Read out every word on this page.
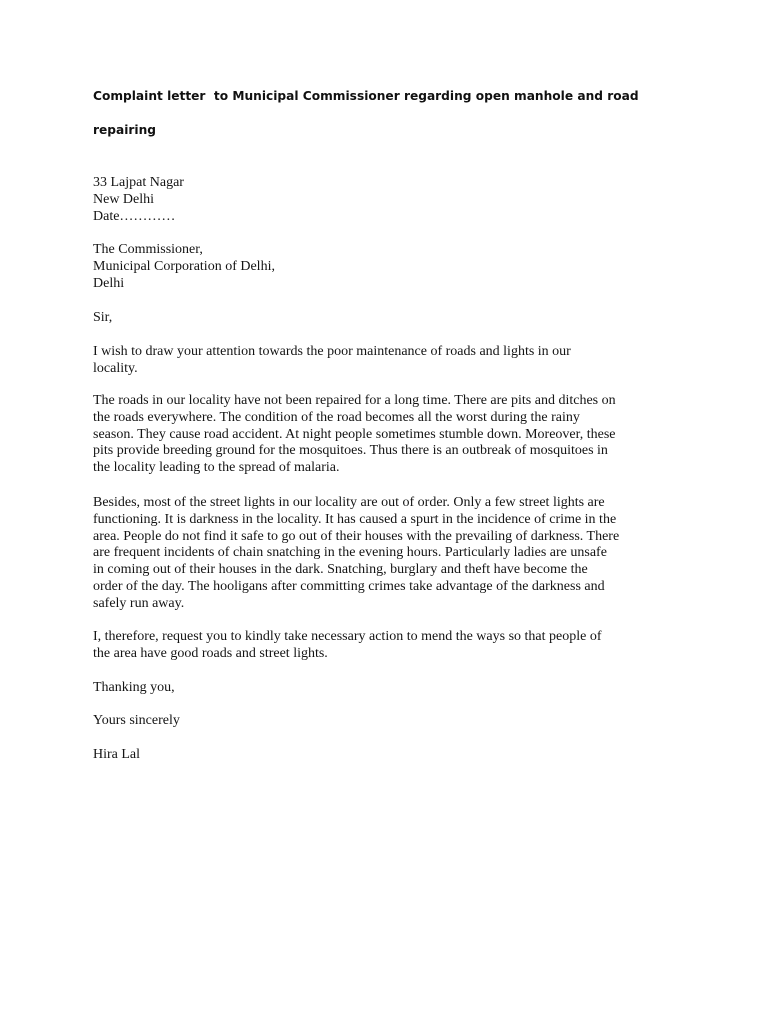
Complaint letter  to Municipal Commissioner regarding open manhole and road
repairing
33 Lajpat Nagar
New Delhi
Date…………
The Commissioner,
Municipal Corporation of Delhi,
Delhi
Sir,
I wish to draw your attention towards the poor maintenance of roads and lights in our
locality.
The roads in our locality have not been repaired for a long time. There are pits and ditches on
the roads everywhere. The condition of the road becomes all the worst during the rainy
season. They cause road accident. At night people sometimes stumble down. Moreover, these
pits provide breeding ground for the mosquitoes. Thus there is an outbreak of mosquitoes in
the locality leading to the spread of malaria.
Besides, most of the street lights in our locality are out of order. Only a few street lights are
functioning. It is darkness in the locality. It has caused a spurt in the incidence of crime in the
area. People do not find it safe to go out of their houses with the prevailing of darkness. There
are frequent incidents of chain snatching in the evening hours. Particularly ladies are unsafe
in coming out of their houses in the dark. Snatching, burglary and theft have become the
order of the day. The hooligans after committing crimes take advantage of the darkness and
safely run away.
I, therefore, request you to kindly take necessary action to mend the ways so that people of
the area have good roads and street lights.
Thanking you,
Yours sincerely
Hira Lal
